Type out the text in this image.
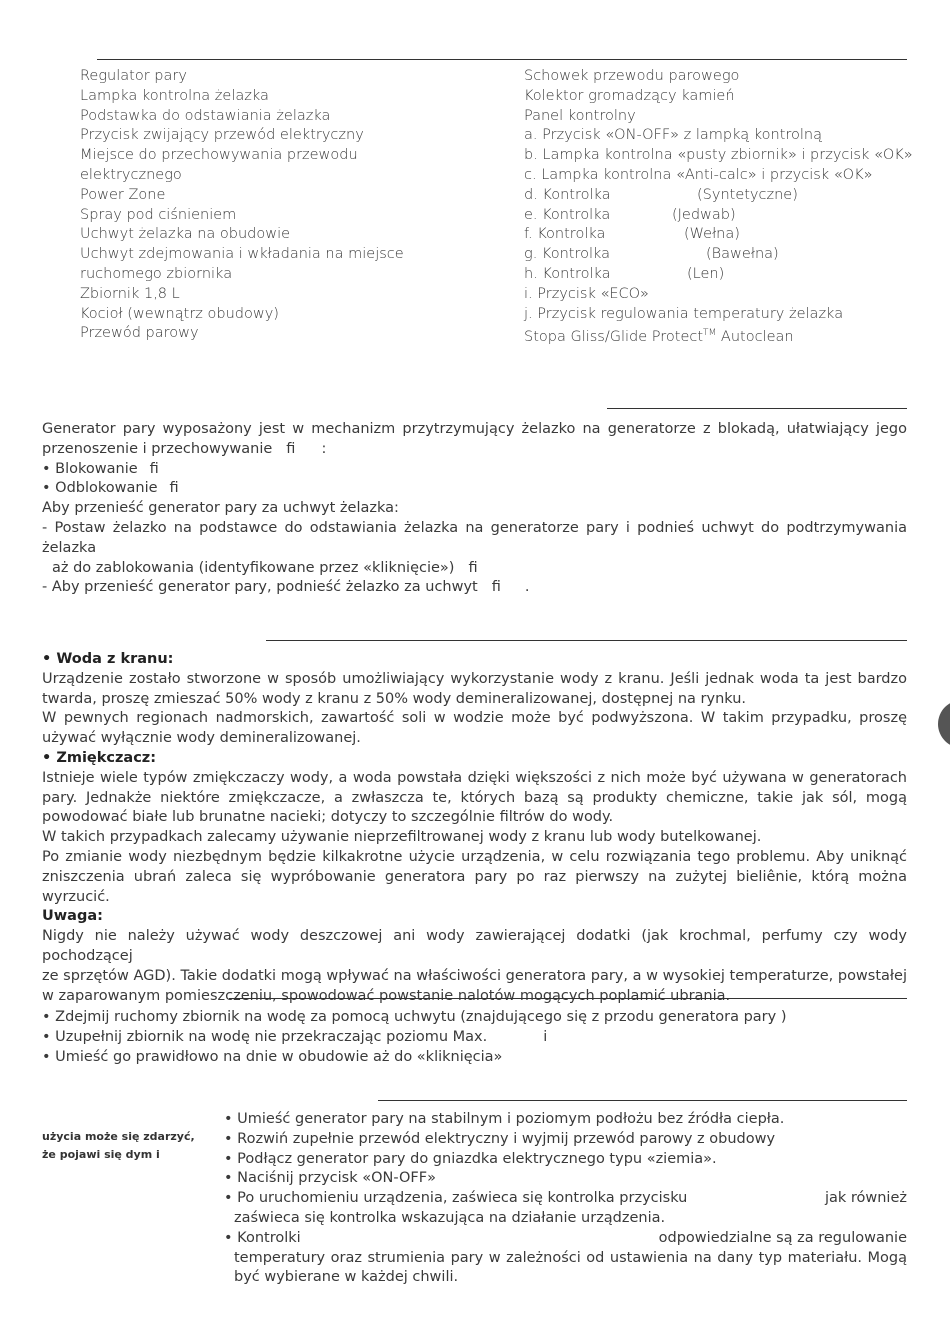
Regulator pary
Lampka kontrolna żelazka
Podstawka do odstawiania żelazka
Przycisk zwijający przewód elektryczny
Miejsce do przechowywania przewodu
elektrycznego
Power Zone
Spray pod ciśnieniem
Uchwyt żelazka na obudowie
Uchwyt zdejmowania i wkładania na miejsce
ruchomego zbiornika
Zbiornik 1,8 L
Kocioł (wewnątrz obudowy)
Przewód parowy
Schowek przewodu parowego
Kolektor gromadzący kamień
Panel kontrolny
a. Przycisk «ON-OFF» z lampką kontrolną
b. Lampka kontrolna «pusty zbiornik» i przycisk «OK»
c. Lampka kontrolna «Anti-calc» i przycisk «OK»
d. Kontrolka	(Syntetyczne)

e. Kontrolka	(Jedwab)

f. Kontrolka	(Wełna)

g. Kontrolka	(Bawełna)

h. Kontrolka	(Len)

i. Przycisk «ECO»
j. Przycisk regulowania temperatury żelazka
Stopa Gliss/Glide Protect™ Autoclean
Generator pary wyposażony jest w mechanizm przytrzymujący żelazko na generatorze z blokadą, ułatwiający jego
przenoszenie i przechowywanie fi :
• Blokowanie fi
• Odblokowanie fi
Aby przenieść generator pary za uchwyt żelazka:
- Postaw żelazko na podstawce do odstawiania żelazka na generatorze pary i podnieś uchwyt do podtrzymywania żelazka
aż do zablokowania (identyfikowane przez «kliknięcie») fi
- Aby przenieść generator pary, podnieść żelazko za uchwyt fi .
• Woda z kranu:
Urządzenie zostało stworzone w sposób umożliwiający wykorzystanie wody z kranu. Jeśli jednak woda ta jest bardzo
twarda, proszę zmieszać 50% wody z kranu z 50% wody demineralizowanej, dostępnej na rynku.
W pewnych regionach nadmorskich, zawartość soli w wodzie może być podwyższona. W takim przypadku, proszę
używać wyłącznie wody demineralizowanej.
• Zmiękczacz:
Istnieje wiele typów zmiękczaczy wody, a woda powstała dzięki większości z nich może być używana w generatorach
pary. Jednakże niektóre zmiękczacze, a zwłaszcza te, których bazą są produkty chemiczne, takie jak sól, mogą
powodować białe lub brunatne nacieki; dotyczy to szczególnie filtrów do wody.
W takich przypadkach zalecamy używanie nieprzefiltrowanej wody z kranu lub wody butelkowanej.
Po zmianie wody niezbędnym będzie kilkakrotne użycie urządzenia, w celu rozwiązania tego problemu. Aby uniknąć
zniszczenia ubrań zaleca się wypróbowanie generatora pary po raz pierwszy na zużytej bieliênie, którą można wyrzucić.
Uwaga:
Nigdy nie należy używać wody deszczowej ani wody zawierającej dodatki (jak krochmal, perfumy czy wody pochodzącej
ze sprzętów AGD). Takie dodatki mogą wpływać na właściwości generatora pary, a w wysokiej temperaturze, powstałej
w zaparowanym pomieszczeniu, spowodować powstanie nalotów mogących poplamić ubrania.
• Zdejmij ruchomy zbiornik na wodę za pomocą uchwytu (znajdującego się z przodu generatora pary )
• Uzupełnij zbiornik na wodę nie przekraczając poziomu Max.	i
• Umieść go prawidłowo na dnie w obudowie aż do «kliknięcia»
użycia może się zdarzyć,
że pojawi się dym i
• Umieść generator pary na stabilnym i poziomym podłożu bez źródła ciepła.
• Rozwiń zupełnie przewód elektryczny i wyjmij przewód parowy z obudowy
• Podłącz generator pary do gniazdka elektrycznego typu «ziemia».
• Naciśnij przycisk «ON-OFF»
• Po uruchomieniu urządzenia, zaświeca się kontrolka przycisku	jak również
zaświeca się kontrolka wskazująca na działanie urządzenia.
• Kontrolki	odpowiedzialne są za regulowanie
temperatury oraz strumienia pary w zależności od ustawienia na dany typ materiału. Mogą
być wybierane w każdej chwili.
